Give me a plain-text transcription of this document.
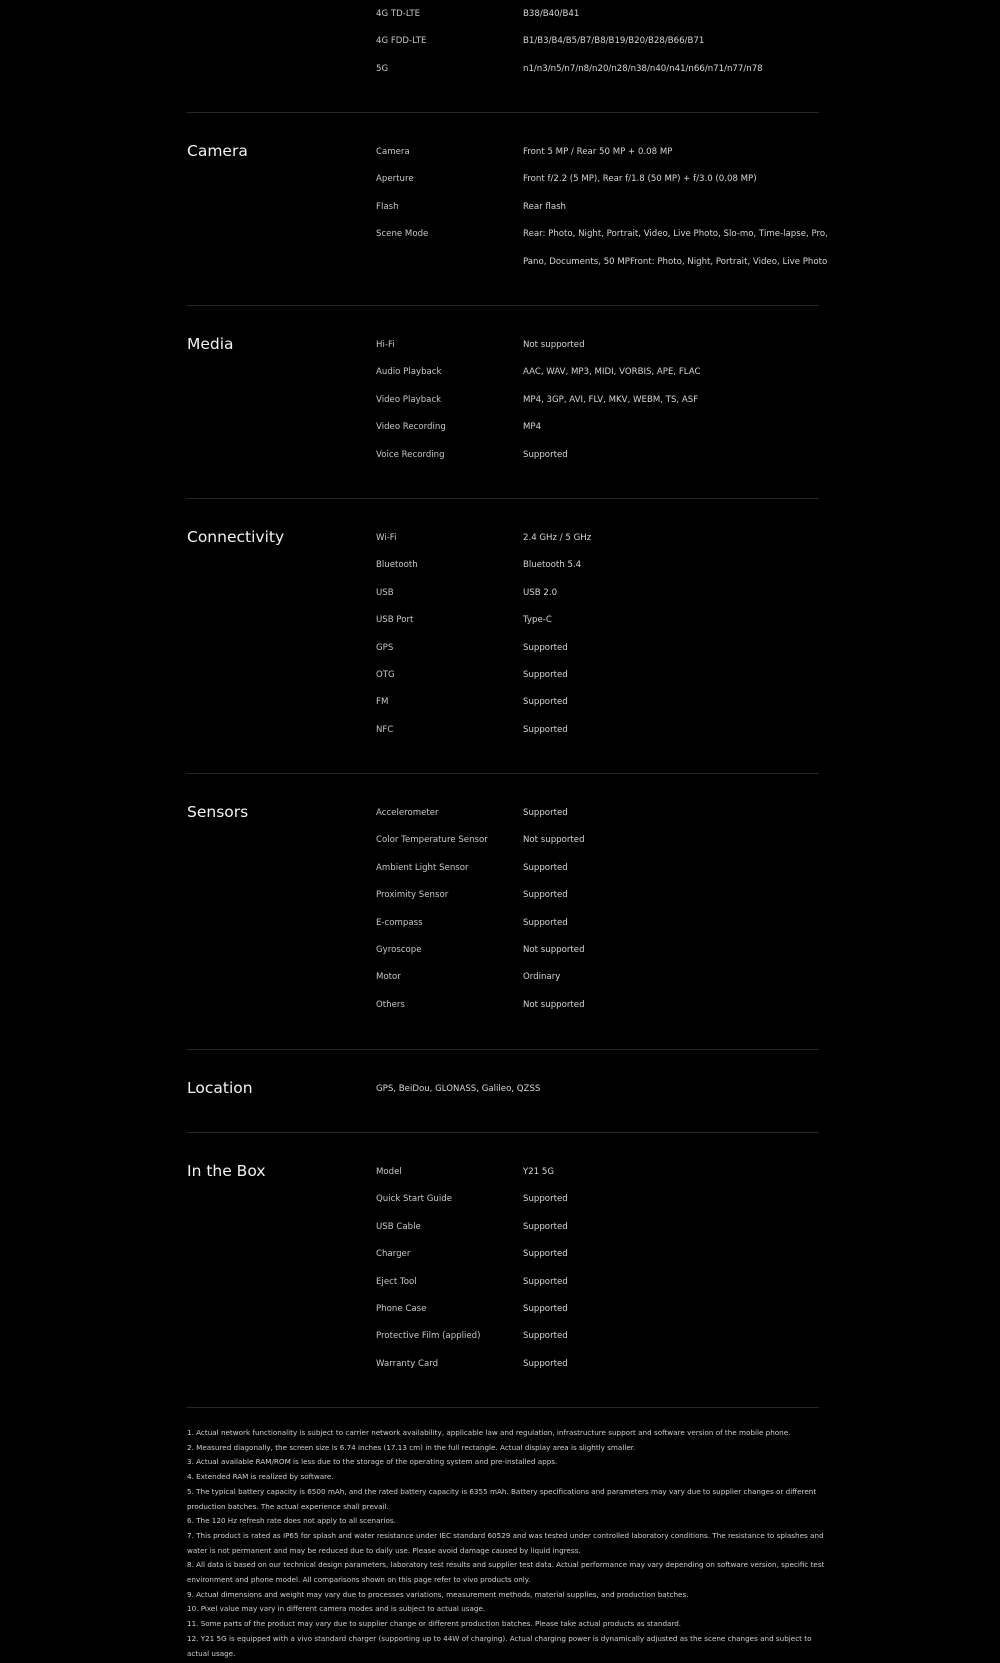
4G TD-LTE	B38/B40/B41
4G FDD-LTE	B1/B3/B4/B5/B7/B8/B19/B20/B28/B66/B71
5G	n1/n3/n5/n7/n8/n20/n28/n38/n40/n41/n66/n71/n77/n78
Camera	Camera	Front 5 MP / Rear 50 MP + 0.08 MP
Aperture	Front f/2.2 (5 MP), Rear f/1.8 (50 MP) + f/3.0 (0.08 MP)
Flash	Rear flash
Scene Mode	Rear: Photo, Night, Portrait, Video, Live Photo, Slo-mo, Time-lapse, Pro,
Pano, Documents, 50 MPFront: Photo, Night, Portrait, Video, Live Photo
Media	Hi-Fi	Not supported
Audio Playback	AAC, WAV, MP3, MIDI, VORBIS, APE, FLAC
Video Playback	MP4, 3GP, AVI, FLV, MKV, WEBM, TS, ASF
Video Recording	MP4
Voice Recording	Supported
Connectivity	Wi-Fi	2.4 GHz / 5 GHz
Bluetooth	Bluetooth 5.4
USB	USB 2.0
USB Port	Type-C
GPS	Supported
OTG	Supported
FM	Supported
NFC	Supported
Sensors	Accelerometer	Supported
Color Temperature Sensor	Not supported
Ambient Light Sensor	Supported
Proximity Sensor	Supported
E-compass	Supported
Gyroscope	Not supported
Motor	Ordinary
Others	Not supported
Location	GPS, BeiDou, GLONASS, Galileo, QZSS
In the Box	Model	Y21 5G
Quick Start Guide	Supported
USB Cable	Supported
Charger	Supported
Eject Tool	Supported
Phone Case	Supported
Protective Film (applied)	Supported
Warranty Card	Supported
1. Actual network functionality is subject to carrier network availability, applicable law and regulation, infrastructure support and software version of the mobile phone.
2. Measured diagonally, the screen size is 6.74 inches (17.13 cm) in the full rectangle. Actual display area is slightly smaller.
3. Actual available RAM/ROM is less due to the storage of the operating system and pre-installed apps.
4. Extended RAM is realized by software.
5. The typical battery capacity is 6500 mAh, and the rated battery capacity is 6355 mAh. Battery specifications and parameters may vary due to supplier changes or different production batches. The actual experience shall prevail.
6. The 120 Hz refresh rate does not apply to all scenarios.
7. This product is rated as IP65 for splash and water resistance under IEC standard 60529 and was tested under controlled laboratory conditions. The resistance to splashes and water is not permanent and may be reduced due to daily use. Please avoid damage caused by liquid ingress.
8. All data is based on our technical design parameters, laboratory test results and supplier test data. Actual performance may vary depending on software version, specific test environment and phone model. All comparisons shown on this page refer to vivo products only.
9. Actual dimensions and weight may vary due to processes variations, measurement methods, material supplies, and production batches.
10. Pixel value may vary in different camera modes and is subject to actual usage.
11. Some parts of the product may vary due to supplier change or different production batches. Please take actual products as standard.
12. Y21 5G is equipped with a vivo standard charger (supporting up to 44W of charging). Actual charging power is dynamically adjusted as the scene changes and subject to actual usage.
